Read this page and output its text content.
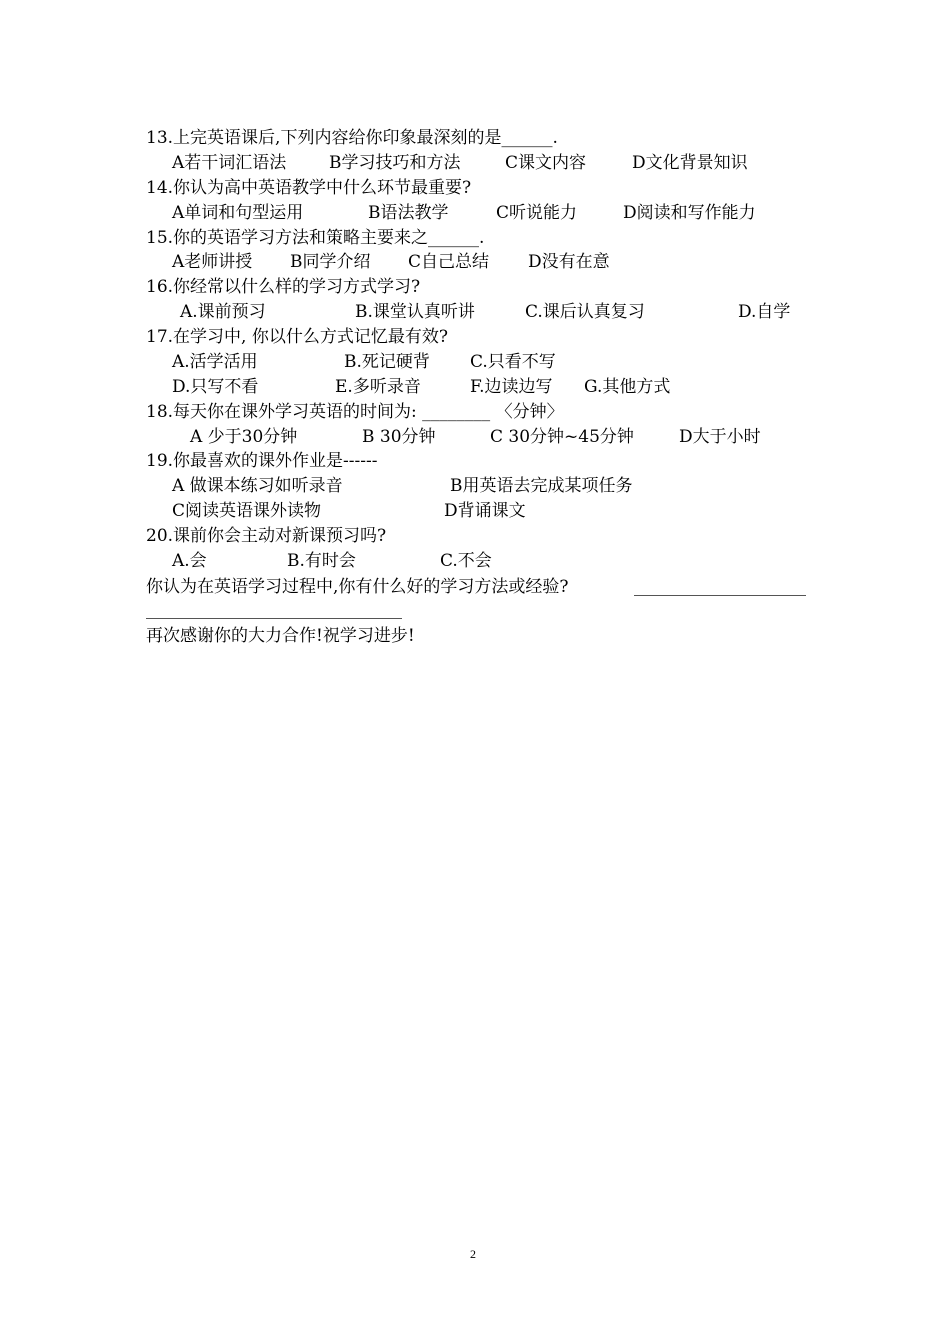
13.上完英语课后,下列内容给你印象最深刻的是______.
A若干词汇语法	B学习技巧和方法	C课文内容	D文化背景知识
14.你认为高中英语教学中什么环节最重要?
A单词和句型运用	B语法教学	C听说能力	D阅读和写作能力
15.你的英语学习方法和策略主要来之______.
A老师讲授 B同学介绍 C自己总结 D没有在意
16.你经常以什么样的学习方式学习?
A.课前预习	B.课堂认真听讲	C.课后认真复习	D.自学
17.在学习中, 你以什么方式记忆最有效?
A.活学活用	B.死记硬背 C.只看不写
D.只写不看	E.多听录音	F.边读边写 G.其他方式
18.每天你在课外学习英语的时间为: ________ 〈分钟〉
A 少于30分钟	B 30分钟	C 30分钟~45分钟	D大于小时
19.你最喜欢的课外作业是------
A 做课本练习如听录音	B用英语去完成某项任务
C阅读英语课外读物	D背诵课文
20.课前你会主动对新课预习吗?
A.会	B.有时会	C.不会
你认为在英语学习过程中,你有什么好的学习方法或经验?
再次感谢你的大力合作!祝学习进步!
2
